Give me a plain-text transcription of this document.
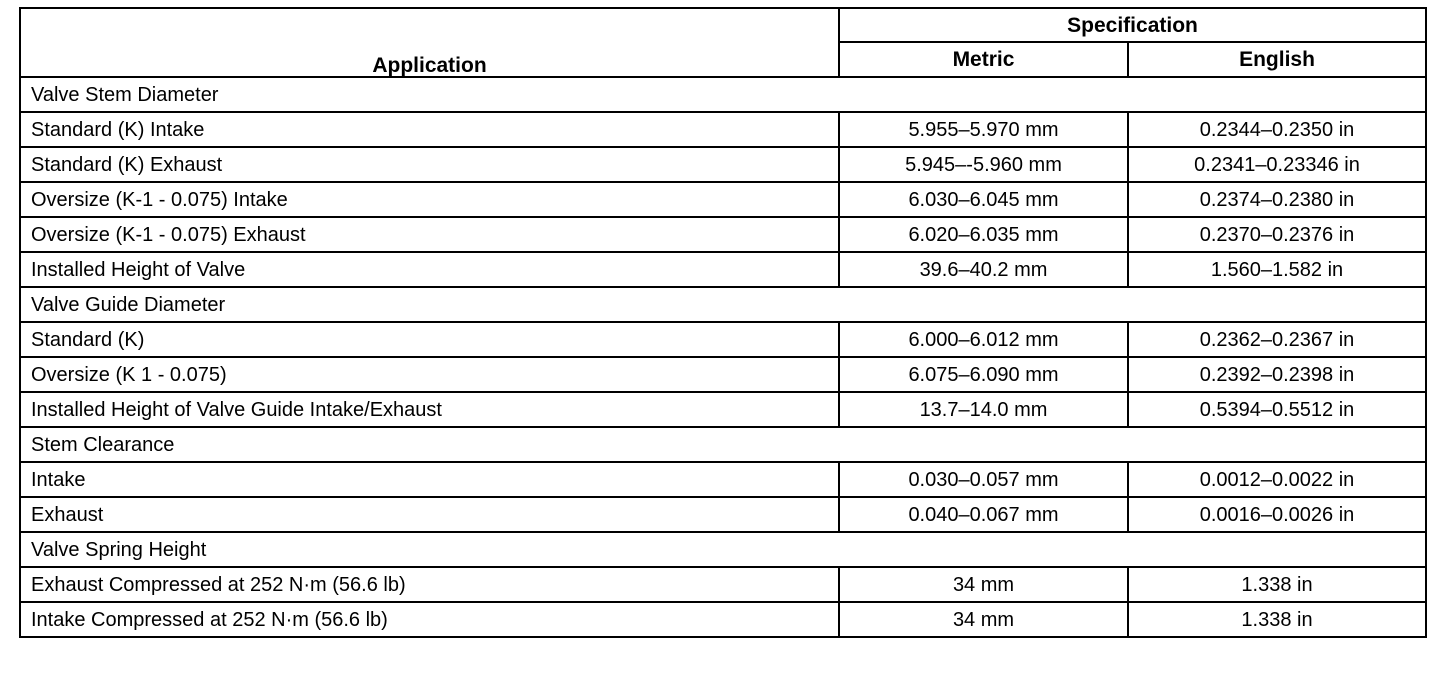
Application	Specification	
	Metric	English
Valve Stem Diameter		
Standard (K) Intake	5.955–5.970 mm	0.2344–0.2350 in
Standard (K) Exhaust	5.945–-5.960 mm	0.2341–0.23346 in
Oversize (K-1 - 0.075) Intake	6.030–6.045 mm	0.2374–0.2380 in
Oversize (K-1 - 0.075) Exhaust	6.020–6.035 mm	0.2370–0.2376 in
Installed Height of Valve	39.6–40.2 mm	1.560–1.582 in
Valve Guide Diameter		
Standard (K)	6.000–6.012 mm	0.2362–0.2367 in
Oversize (K 1 - 0.075)	6.075–6.090 mm	0.2392–0.2398 in
Installed Height of Valve Guide Intake/Exhaust	13.7–14.0 mm	0.5394–0.5512 in
Stem Clearance		
Intake	0.030–0.057 mm	0.0012–0.0022 in
Exhaust	0.040–0.067 mm	0.0016–0.0026 in
Valve Spring Height		
Exhaust Compressed at 252 N·m (56.6 lb)	34 mm	1.338 in
Intake Compressed at 252 N·m (56.6 lb)	34 mm	1.338 in
